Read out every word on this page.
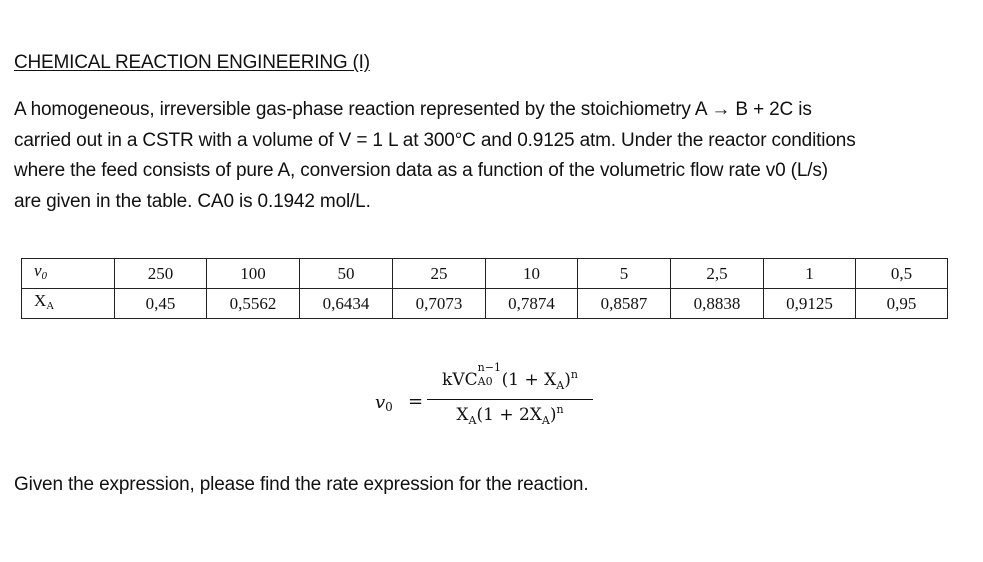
CHEMICAL REACTION ENGINEERING (I)
A homogeneous, irreversible gas-phase reaction represented by the stoichiometry A → B + 2C is
carried out in a CSTR with a volume of V = 1 L at 300°C and 0.9125 atm. Under the reactor conditions
where the feed consists of pure A, conversion data as a function of the volumetric flow rate v0 (L/s)
are given in the table. CA0 is 0.1942 mol/L.
$v_0$	250	100	50	25	10	5	2,5	1	0,5
$X_A$	0,45	0,5562	0,6434	0,7073	0,7874	0,8587	0,8838	0,9125	0,95
v0 =
kVC
n−1
A0 $(1 + X_A)^n$
$X_A(1 + 2X_A)^n$
Given the expression, please find the rate expression for the reaction.
